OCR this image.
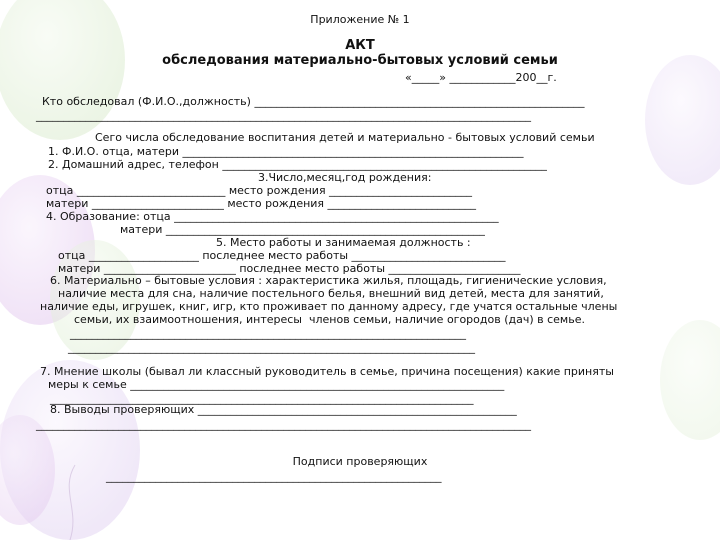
Приложение № 1
АКТ
обследования материально-бытовых условий семьи
«_____» ____________200__г.
Кто обследовал (Ф.И.О.,должность) ____________________________________________________________
__________________________________________________________________________________________
Сего числа обследование воспитания детей и материально - бытовых условий семьи
1. Ф.И.О. отца, матери ______________________________________________________________
2. Домашний адрес, телефон ___________________________________________________________
3.Число,месяц,год рождения:
отца ___________________________ место рождения __________________________
матери ________________________ место рождения ___________________________
4. Образование: отца ___________________________________________________________
матери __________________________________________________________
5. Место работы и занимаемая должность :
отца ____________________ последнее место работы ____________________________
матери ________________________ последнее место работы ________________________
6. Материально – бытовые условия : характеристика жилья, площадь, гигиенические условия,
наличие места для сна, наличие постельного белья, внешний вид детей, места для занятий,
наличие еды, игрушек, книг, игр, кто проживает по данному адресу, где учатся остальные члены
семьи, их взаимоотношения, интересы  членов семьи, наличие огородов (дач) в семье.
________________________________________________________________________
__________________________________________________________________________
7. Мнение школы (бывал ли классный руководитель в семье, причина посещения) какие приняты
меры к семье ____________________________________________________________________
_____________________________________________________________________________
8. Выводы проверяющих __________________________________________________________
__________________________________________________________________________________________
Подписи проверяющих
_____________________________________________________________
